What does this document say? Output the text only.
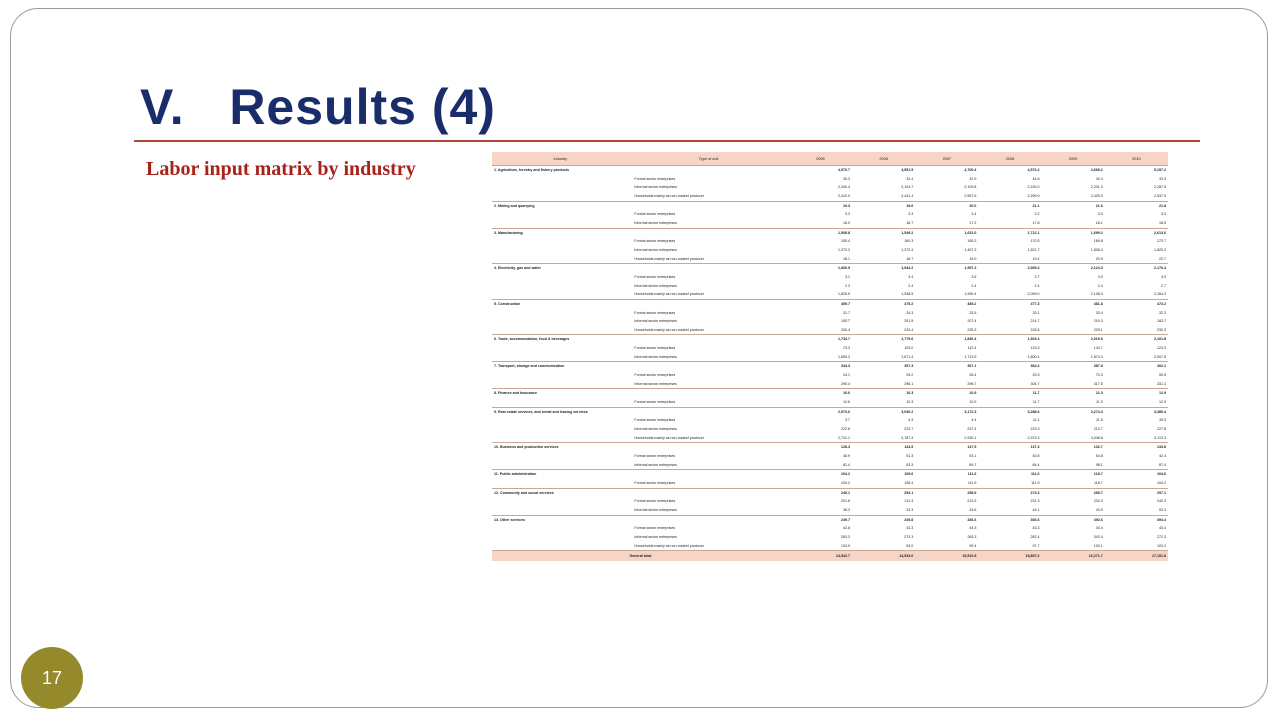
V.   Results (4)
Labor input matrix by industry	Industry	Type of unit	2005	2006	2007	2008	2009	2010
1. Agriculture, forestry and fishery products		4,570.7	4,551.5	4,700.4	4,573.2	4,668.2	5,157.2
	Formal sector enterprises	30.3	32.4	32.9	44.6	42.4	33.3
	Informal sector enterprises	2,340.4	2,104.7	2,109.8	2,230.0	2,201.3	2,287.5
	Households mainly as non-market producer	2,410.0	2,441.4	2,557.6	2,299.9	2,425.0	2,537.9
2. Mining and quarrying		19.3	19.6	20.6	21.1	21.6	21.8
	Formal sector enterprises	3.3	3.3	3.4	3.2	3.3	3.3
	Informal sector enterprises	16.0	16.7	17.2	17.8	18.1	18.5
3. Manufacturing		1,508.8	1,549.2	1,631.0	1,712.1	1,699.2	2,613.6
	Formal sector enterprises	155.4	160.3	165.3	170.5	169.8	173.7
	Informal sector enterprises	1,373.3	1,372.4	1,457.3	1,521.7	1,508.4	1,825.2
	Households mainly as non-market producer	18.1	16.7	19.0	19.4	20.9	22.7
4. Electricity, gas and water		1,830.9	1,944.2	1,997.2	2,065.2	2,124.3	2,176.4
	Formal sector enterprises	3.1	3.4	3.5	3.7	3.9	3.9
	Informal sector enterprises	2.3	2.4	2.4	2.4	2.4	2.7
	Households mainly as non-market producer	1,825.5	1,938.5	1,990.4	2,059.0	2,108.0	2,164.3
5. Construction		459.7	475.2	485.2	477.3	481.8	473.2
	Formal sector enterprises	31.7	34.3	33.5	33.1	33.4	32.3
	Informal sector enterprises	195.7	201.5	207.4	214.7	219.3	183.7
	Households mainly as non-market producer	230.4	243.4	225.3	228.5	229.1	230.3
6. Trade, accommodation, food & beverages		1,734.7	1,779.6	1,836.4	1,923.4	2,019.6	2,101.8
	Formal sector enterprises	73.3	103.0	112.4	123.3	144.7	123.3
	Informal sector enterprises	1,659.3	1,671.4	1,713.9	1,800.4	1,874.3	2,007.5
7. Transport, storage and communication		344.3	357.3	367.1	364.2	387.8	402.1
	Formal sector enterprises	24.1	29.2	28.4	29.3	70.3	50.5
	Informal sector enterprises	290.4	298.1	298.7	304.7	317.5	331.3
8. Finance and Insurance		10.6	10.3	10.9	11.7	11.3	12.9
	Formal sector enterprises	10.6	10.3	10.9	11.7	11.3	12.9
9. Real estate services, and rental and leasing services		2,973.6	3,030.2	3,172.3	3,288.6	3,274.3	3,380.4
	Formal sector enterprises	3.7	4.3	4.4	11.1	11.8	39.3
	Informal sector enterprises	222.8	223.7	237.4	223.9	213.7	227.8
	Households mainly as non-market producer	2,741.1	2,787.4	2,930.1	2,973.3	3,048.8	3,113.3
10. Business and production services		128.3	134.5	147.9	137.3	132.7	133.8
	Formal sector enterprises	46.9	51.3	53.1	52.8	54.8	42.4
	Informal sector enterprises	81.4	83.3	89.7	84.4	98.1	87.4
11. Public administration		104.2	109.6	111.6	111.6	118.7	104.6
	Formal sector enterprises	104.2	108.4	111.9	111.9	118.7	104.2
12. Community and social services		240.1	254.1	258.9	273.3	289.7	297.1
	Formal sector enterprises	201.8	211.3	213.3	231.3	234.3	240.3
	Informal sector enterprises	38.3	43.3	43.6	44.1	43.9	53.3
13. Other services		249.7	249.8	336.6	366.6	392.6	394.4
	Formal sector enterprises	42.8	43.3	44.3	43.3	43.4	43.4
	Informal sector enterprises	263.3	273.3	283.3	282.4	343.4	272.3
	Households mainly as non-market producer	133.9	93.0	99.4	97.7	100.1	103.2
General total		14,542.7	14,933.6	15,510.8	15,897.2	16,271.7	17,151.8
17
